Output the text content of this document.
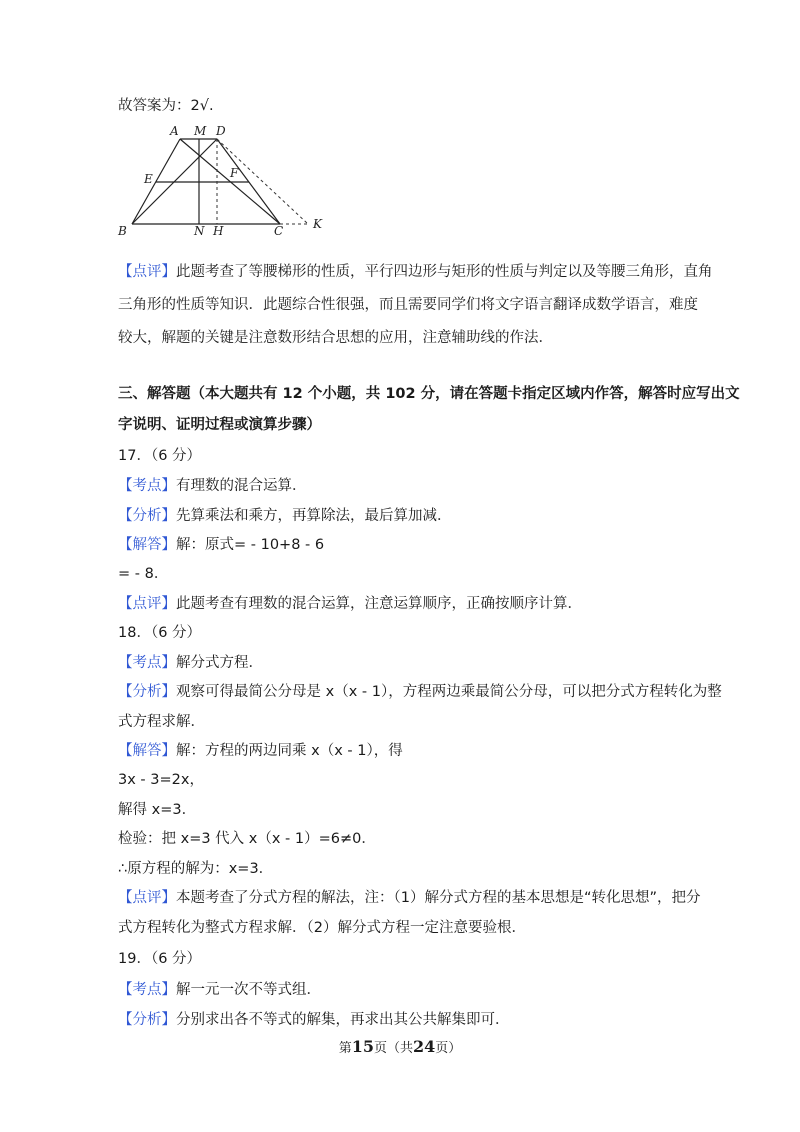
故答案为：2√.
A M D
E	F
B	N H	C K
【点评】此题考查了等腰梯形的性质，平行四边形与矩形的性质与判定以及等腰三角形，直角
三角形的性质等知识．此题综合性很强，而且需要同学们将文字语言翻译成数学语言，难度
较大，解题的关键是注意数形结合思想的应用，注意辅助线的作法．
三、解答题（本大题共有 12 个小题，共 102 分，请在答题卡指定区域内作答，解答时应写出文
字说明、证明过程或演算步骤）
17．（6 分）
【考点】有理数的混合运算．
【分析】先算乘法和乘方，再算除法，最后算加减．
【解答】解：原式= ‐ 10+8 ‐ 6
= ‐ 8．
【点评】此题考查有理数的混合运算，注意运算顺序，正确按顺序计算．
18．（6 分）
【考点】解分式方程．
【分析】观察可得最简公分母是 x（x ‐ 1），方程两边乘最简公分母，可以把分式方程转化为整
式方程求解．
【解答】解：方程的两边同乘 x（x ‐ 1），得
3x ‐ 3=2x，
解得 x=3．
检验：把 x=3 代入 x（x ‐ 1）=6≠0．
∴原方程的解为：x=3．
【点评】本题考查了分式方程的解法，注：（1）解分式方程的基本思想是“转化思想”，把分
式方程转化为整式方程求解．（2）解分式方程一定注意要验根．
19．（6 分）
【考点】解一元一次不等式组．
【分析】分别求出各不等式的解集，再求出其公共解集即可．
第15页（共24页）
